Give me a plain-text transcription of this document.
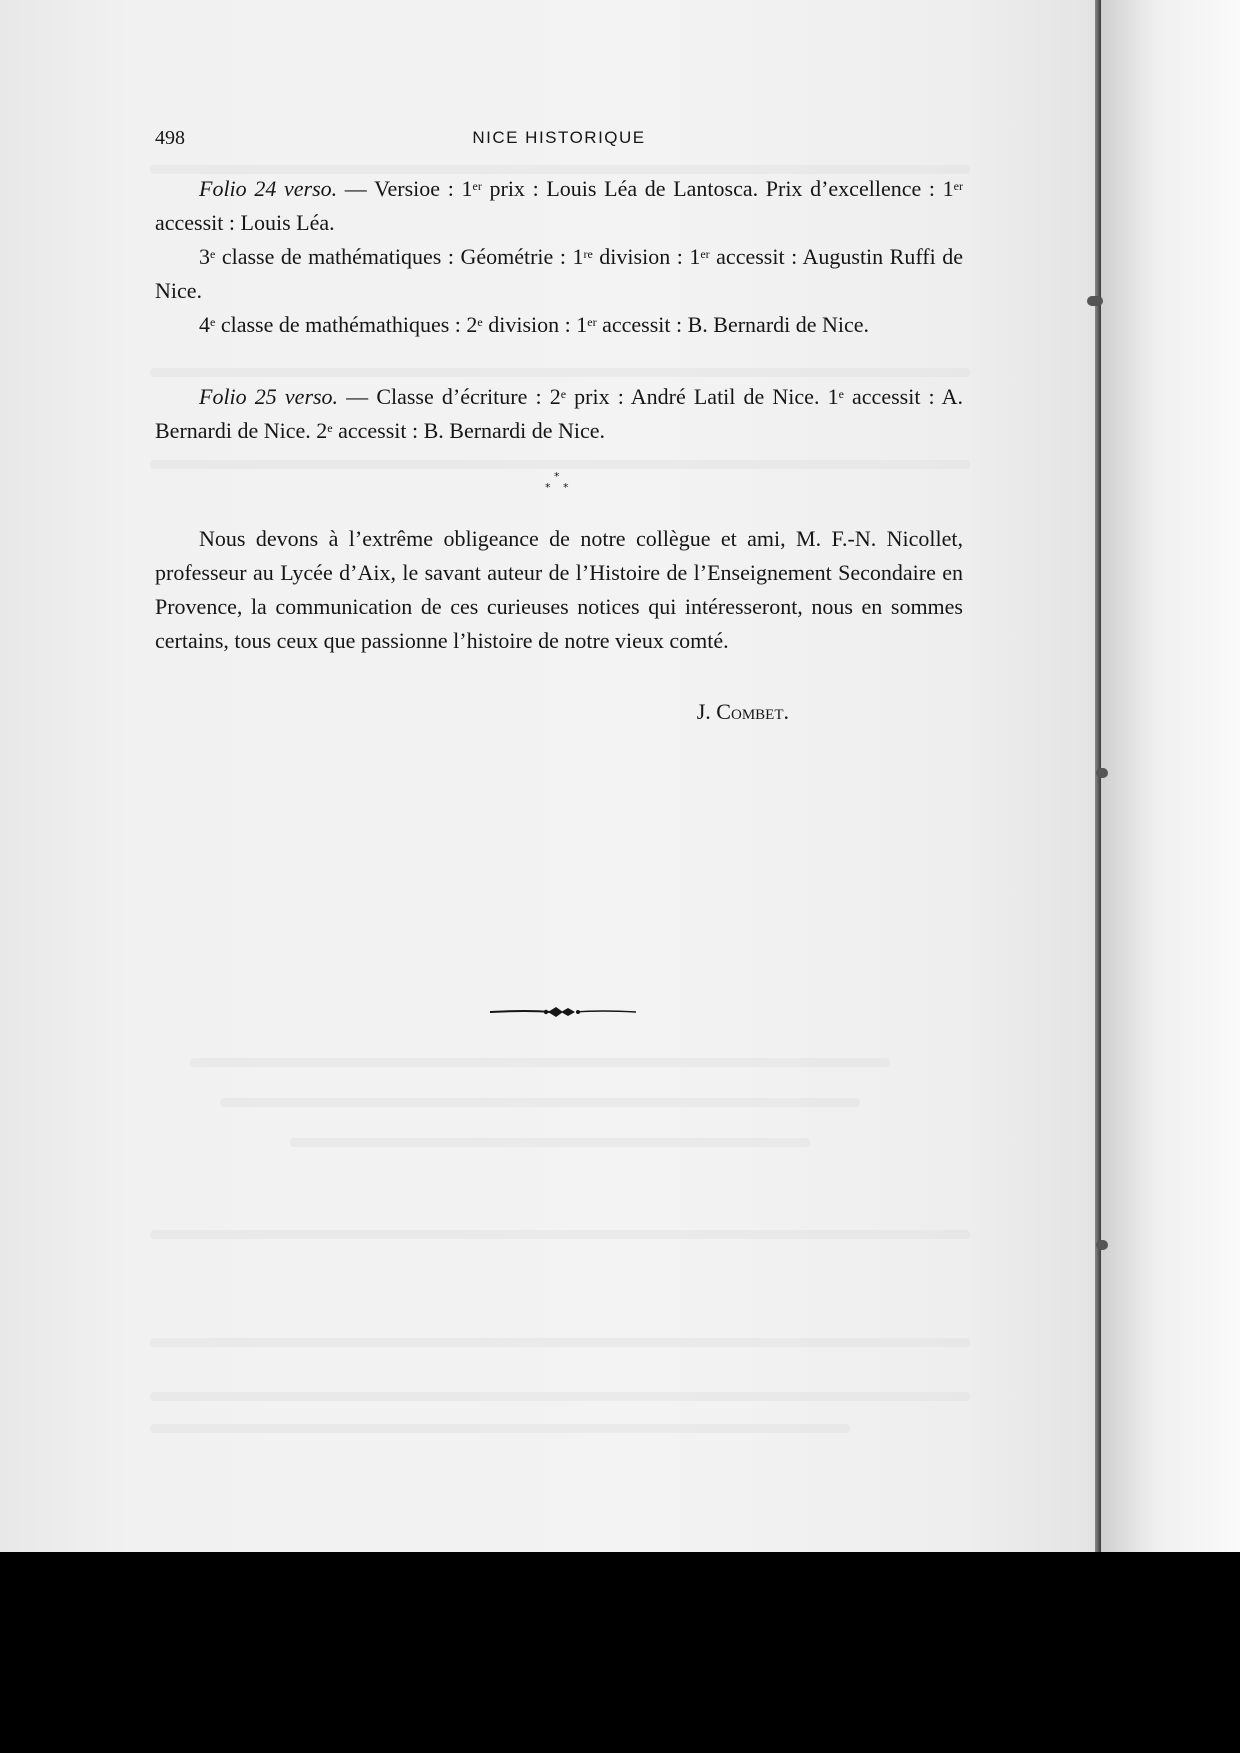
498	NICE HISTORIQUE

Folio 24 verso. — Versioe : 1er prix : Louis Léa de Lantosca. Prix d’excellence : 1er accessit : Louis Léa.

3e classe de mathématiques : Géométrie : 1re division : 1er accessit : Augustin Ruffi de Nice.

4e classe de mathémathiques : 2e division : 1er accessit : B. Bernardi de Nice.

Folio 25 verso. — Classe d’écriture : 2e prix : André Latil de Nice. 1e accessit : A. Bernardi de Nice. 2e accessit : B. Bernardi de Nice.

*
* *

Nous devons à l’extrême obligeance de notre collègue et ami, M. F.-N. Nicollet, professeur au Lycée d’Aix, le savant auteur de l’Histoire de l’Enseignement Secondaire en Provence, la communication de ces curieuses notices qui intéresseront, nous en sommes certains, tous ceux que passionne l’histoire de notre vieux comté.

J. Combet.
